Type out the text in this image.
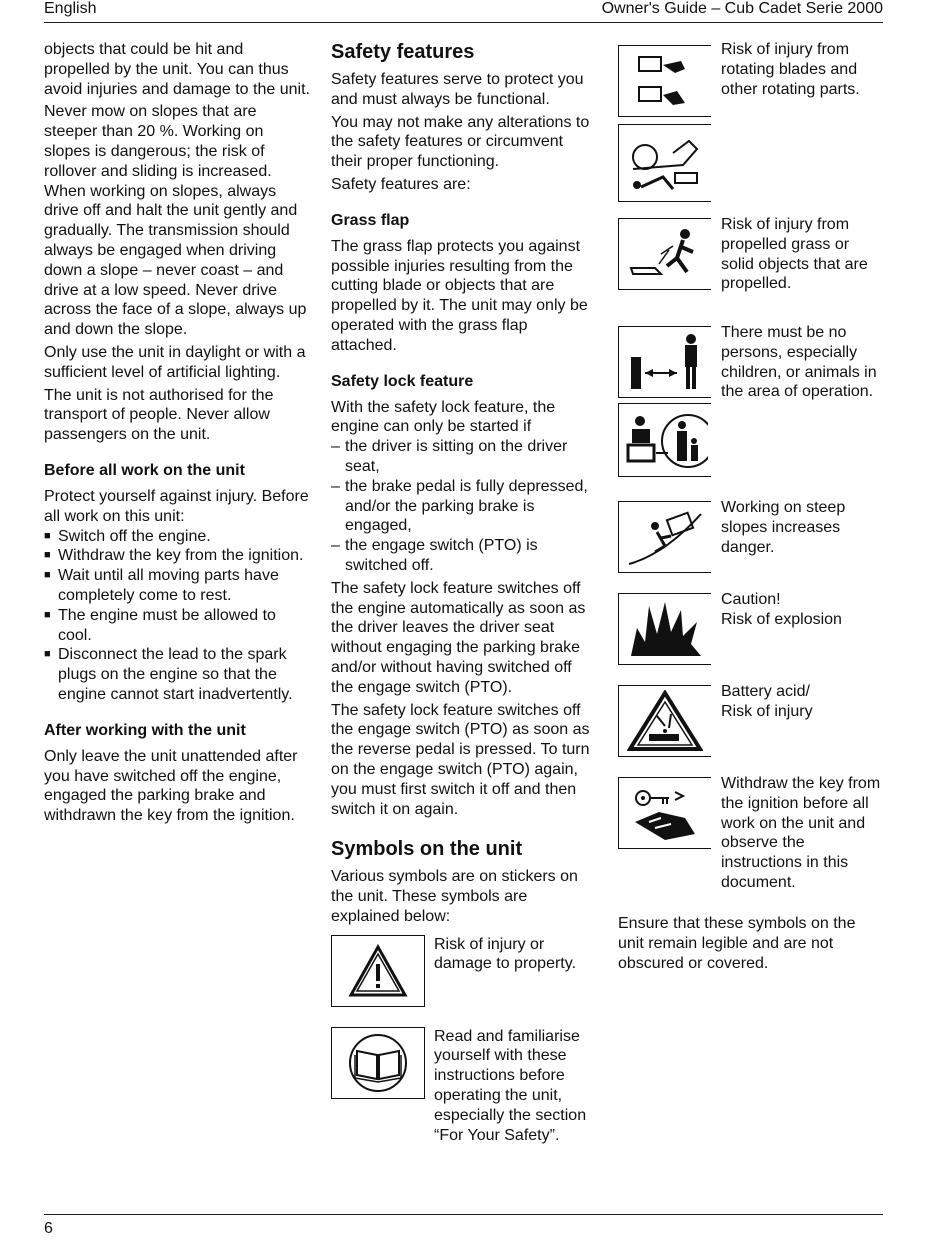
English	Owner's Guide – Cub Cadet Serie 2000

objects that could be hit and propelled by the unit. You can thus avoid injuries and damage to the unit.

Never mow on slopes that are steeper than 20 %. Working on slopes is dangerous; the risk of rollover and sliding is increased. When working on slopes, always drive off and halt the unit gently and gradually. The transmission should always be engaged when driving down a slope – never coast – and drive at a low speed. Never drive across the face of a slope, always up and down the slope.

Only use the unit in daylight or with a sufficient level of artificial lighting.

The unit is not authorised for the transport of people. Never allow passengers on the unit.

Before all work on the unit

Protect yourself against injury. Before all work on this unit:

■ Switch off the engine.
■ Withdraw the key from the ignition.
■ Wait until all moving parts have completely come to rest.
■ The engine must be allowed to cool.
■ Disconnect the lead to the spark plugs on the engine so that the engine cannot start inadvertently.
After working with the unit

Only leave the unit unattended after you have switched off the engine, engaged the parking brake and withdrawn the key from the ignition.

Safety features

Safety features serve to protect you and must always be functional.

You may not make any alterations to the safety features or circumvent their proper functioning.

Safety features are:

Grass flap

The grass flap protects you against possible injuries resulting from the cutting blade or objects that are propelled by it. The unit may only be operated with the grass flap attached.

Safety lock feature

With the safety lock feature, the engine can only be started if

– the driver is sitting on the driver seat,
– the brake pedal is fully depressed, and/or the parking brake is engaged,
– the engage switch (PTO) is switched off.

The safety lock feature switches off the engine automatically as soon as the driver leaves the driver seat without engaging the parking brake and/or without having switched off the engage switch (PTO).

The safety lock feature switches off the engage switch (PTO) as soon as the reverse pedal is pressed. To turn on the engage switch (PTO) again, you must first switch it off and then switch it on again.

Symbols on the unit

Various symbols are on stickers on the unit. These symbols are explained below:

Risk of injury or damage to property.
Read and familiarise yourself with these instructions before operating the unit, especially the section “For Your Safety”.
Risk of injury from rotating blades and other rotating parts.
Risk of injury from propelled grass or solid objects that are propelled.
There must be no persons, especially children, or animals in the area of operation.
Working on steep slopes increases danger.
Caution!
Risk of explosion
Battery acid/
Risk of injury
Withdraw the key from the ignition before all work on the unit and observe the instructions in this document.

Ensure that these symbols on the unit remain legible and are not obscured or covered.

6
